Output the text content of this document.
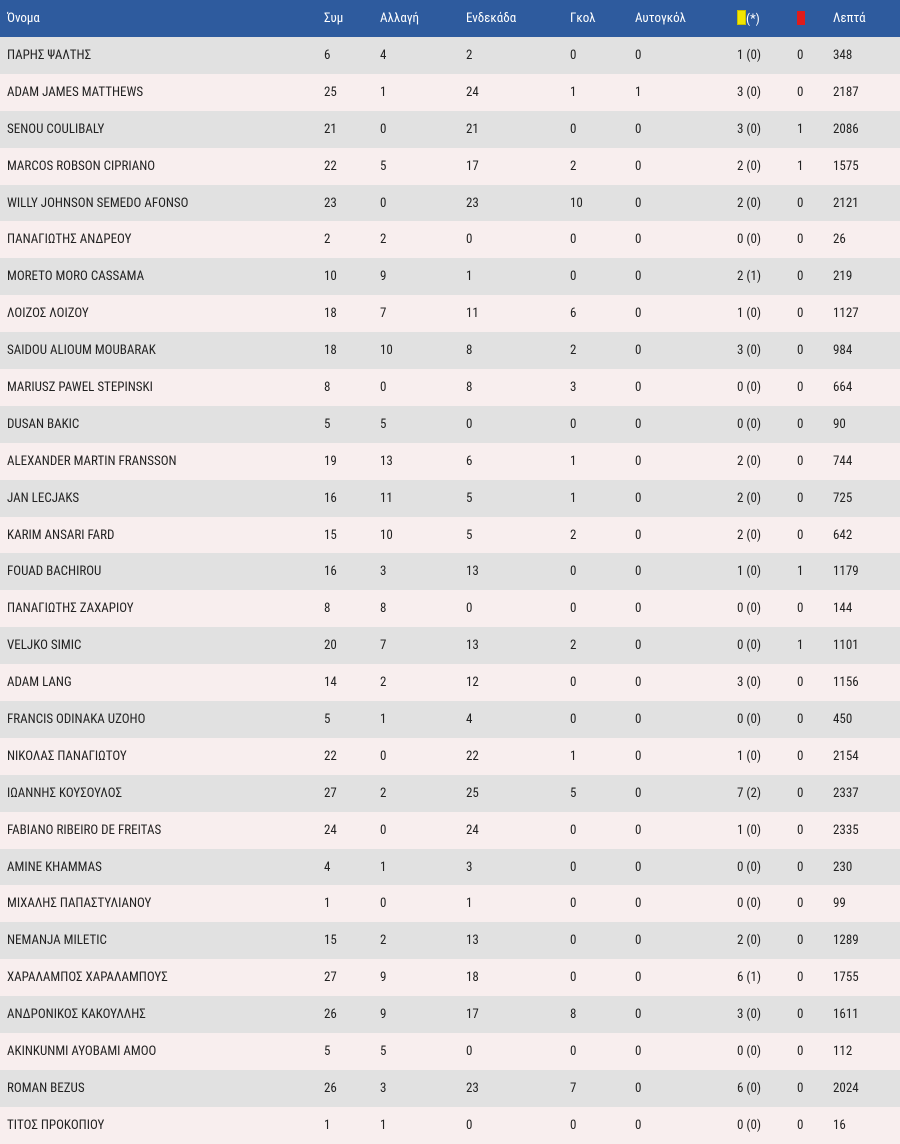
Όνομα	Συμ	Αλλαγή	Ενδεκάδα	Γκολ	Αυτογκόλ	(*)		Λεπτά
ΠΑΡΗΣ ΨΑΛΤΗΣ	6	4	2	0	0	1 (0)	0	348
ADAM JAMES MATTHEWS	25	1	24	1	1	3 (0)	0	2187
SENOU COULIBALY	21	0	21	0	0	3 (0)	1	2086
MARCOS ROBSON CIPRIANO	22	5	17	2	0	2 (0)	1	1575
WILLY JOHNSON SEMEDO AFONSO	23	0	23	10	0	2 (0)	0	2121
ΠΑΝΑΓΙΩΤΗΣ ΑΝΔΡΕΟΥ	2	2	0	0	0	0 (0)	0	26
MORETO MORO CASSAMA	10	9	1	0	0	2 (1)	0	219
ΛΟΙΖΟΣ ΛΟΙΖΟΥ	18	7	11	6	0	1 (0)	0	1127
SAIDOU ALIOUM MOUBARAK	18	10	8	2	0	3 (0)	0	984
MARIUSZ PAWEL STEPINSKI	8	0	8	3	0	0 (0)	0	664
DUSAN BAKIC	5	5	0	0	0	0 (0)	0	90
ALEXANDER MARTIN FRANSSON	19	13	6	1	0	2 (0)	0	744
JAN LECJAKS	16	11	5	1	0	2 (0)	0	725
KARIM ANSARI FARD	15	10	5	2	0	2 (0)	0	642
FOUAD BACHIROU	16	3	13	0	0	1 (0)	1	1179
ΠΑΝΑΓΙΩΤΗΣ ΖΑΧΑΡΙΟΥ	8	8	0	0	0	0 (0)	0	144
VELJKO SIMIC	20	7	13	2	0	0 (0)	1	1101
ADAM LANG	14	2	12	0	0	3 (0)	0	1156
FRANCIS ODINAKA UZOHO	5	1	4	0	0	0 (0)	0	450
ΝΙΚΟΛΑΣ ΠΑΝΑΓΙΩΤΟΥ	22	0	22	1	0	1 (0)	0	2154
ΙΩΑΝΝΗΣ ΚΟΥΣΟΥΛΟΣ	27	2	25	5	0	7 (2)	0	2337
FABIANO RIBEIRO DE FREITAS	24	0	24	0	0	1 (0)	0	2335
AMINE KHAMMAS	4	1	3	0	0	0 (0)	0	230
ΜΙΧΑΛΗΣ ΠΑΠΑΣΤΥΛΙΑΝΟΥ	1	0	1	0	0	0 (0)	0	99
NEMANJA MILETIC	15	2	13	0	0	2 (0)	0	1289
ΧΑΡΑΛΑΜΠΟΣ ΧΑΡΑΛΑΜΠΟΥΣ	27	9	18	0	0	6 (1)	0	1755
ΑΝΔΡΟΝΙΚΟΣ ΚΑΚΟΥΛΛΗΣ	26	9	17	8	0	3 (0)	0	1611
AKINKUNMI AYOBAMI AMOO	5	5	0	0	0	0 (0)	0	112
ROMAN BEZUS	26	3	23	7	0	6 (0)	0	2024
ΤΙΤΟΣ ΠΡΟΚΟΠΙΟΥ	1	1	0	0	0	0 (0)	0	16
